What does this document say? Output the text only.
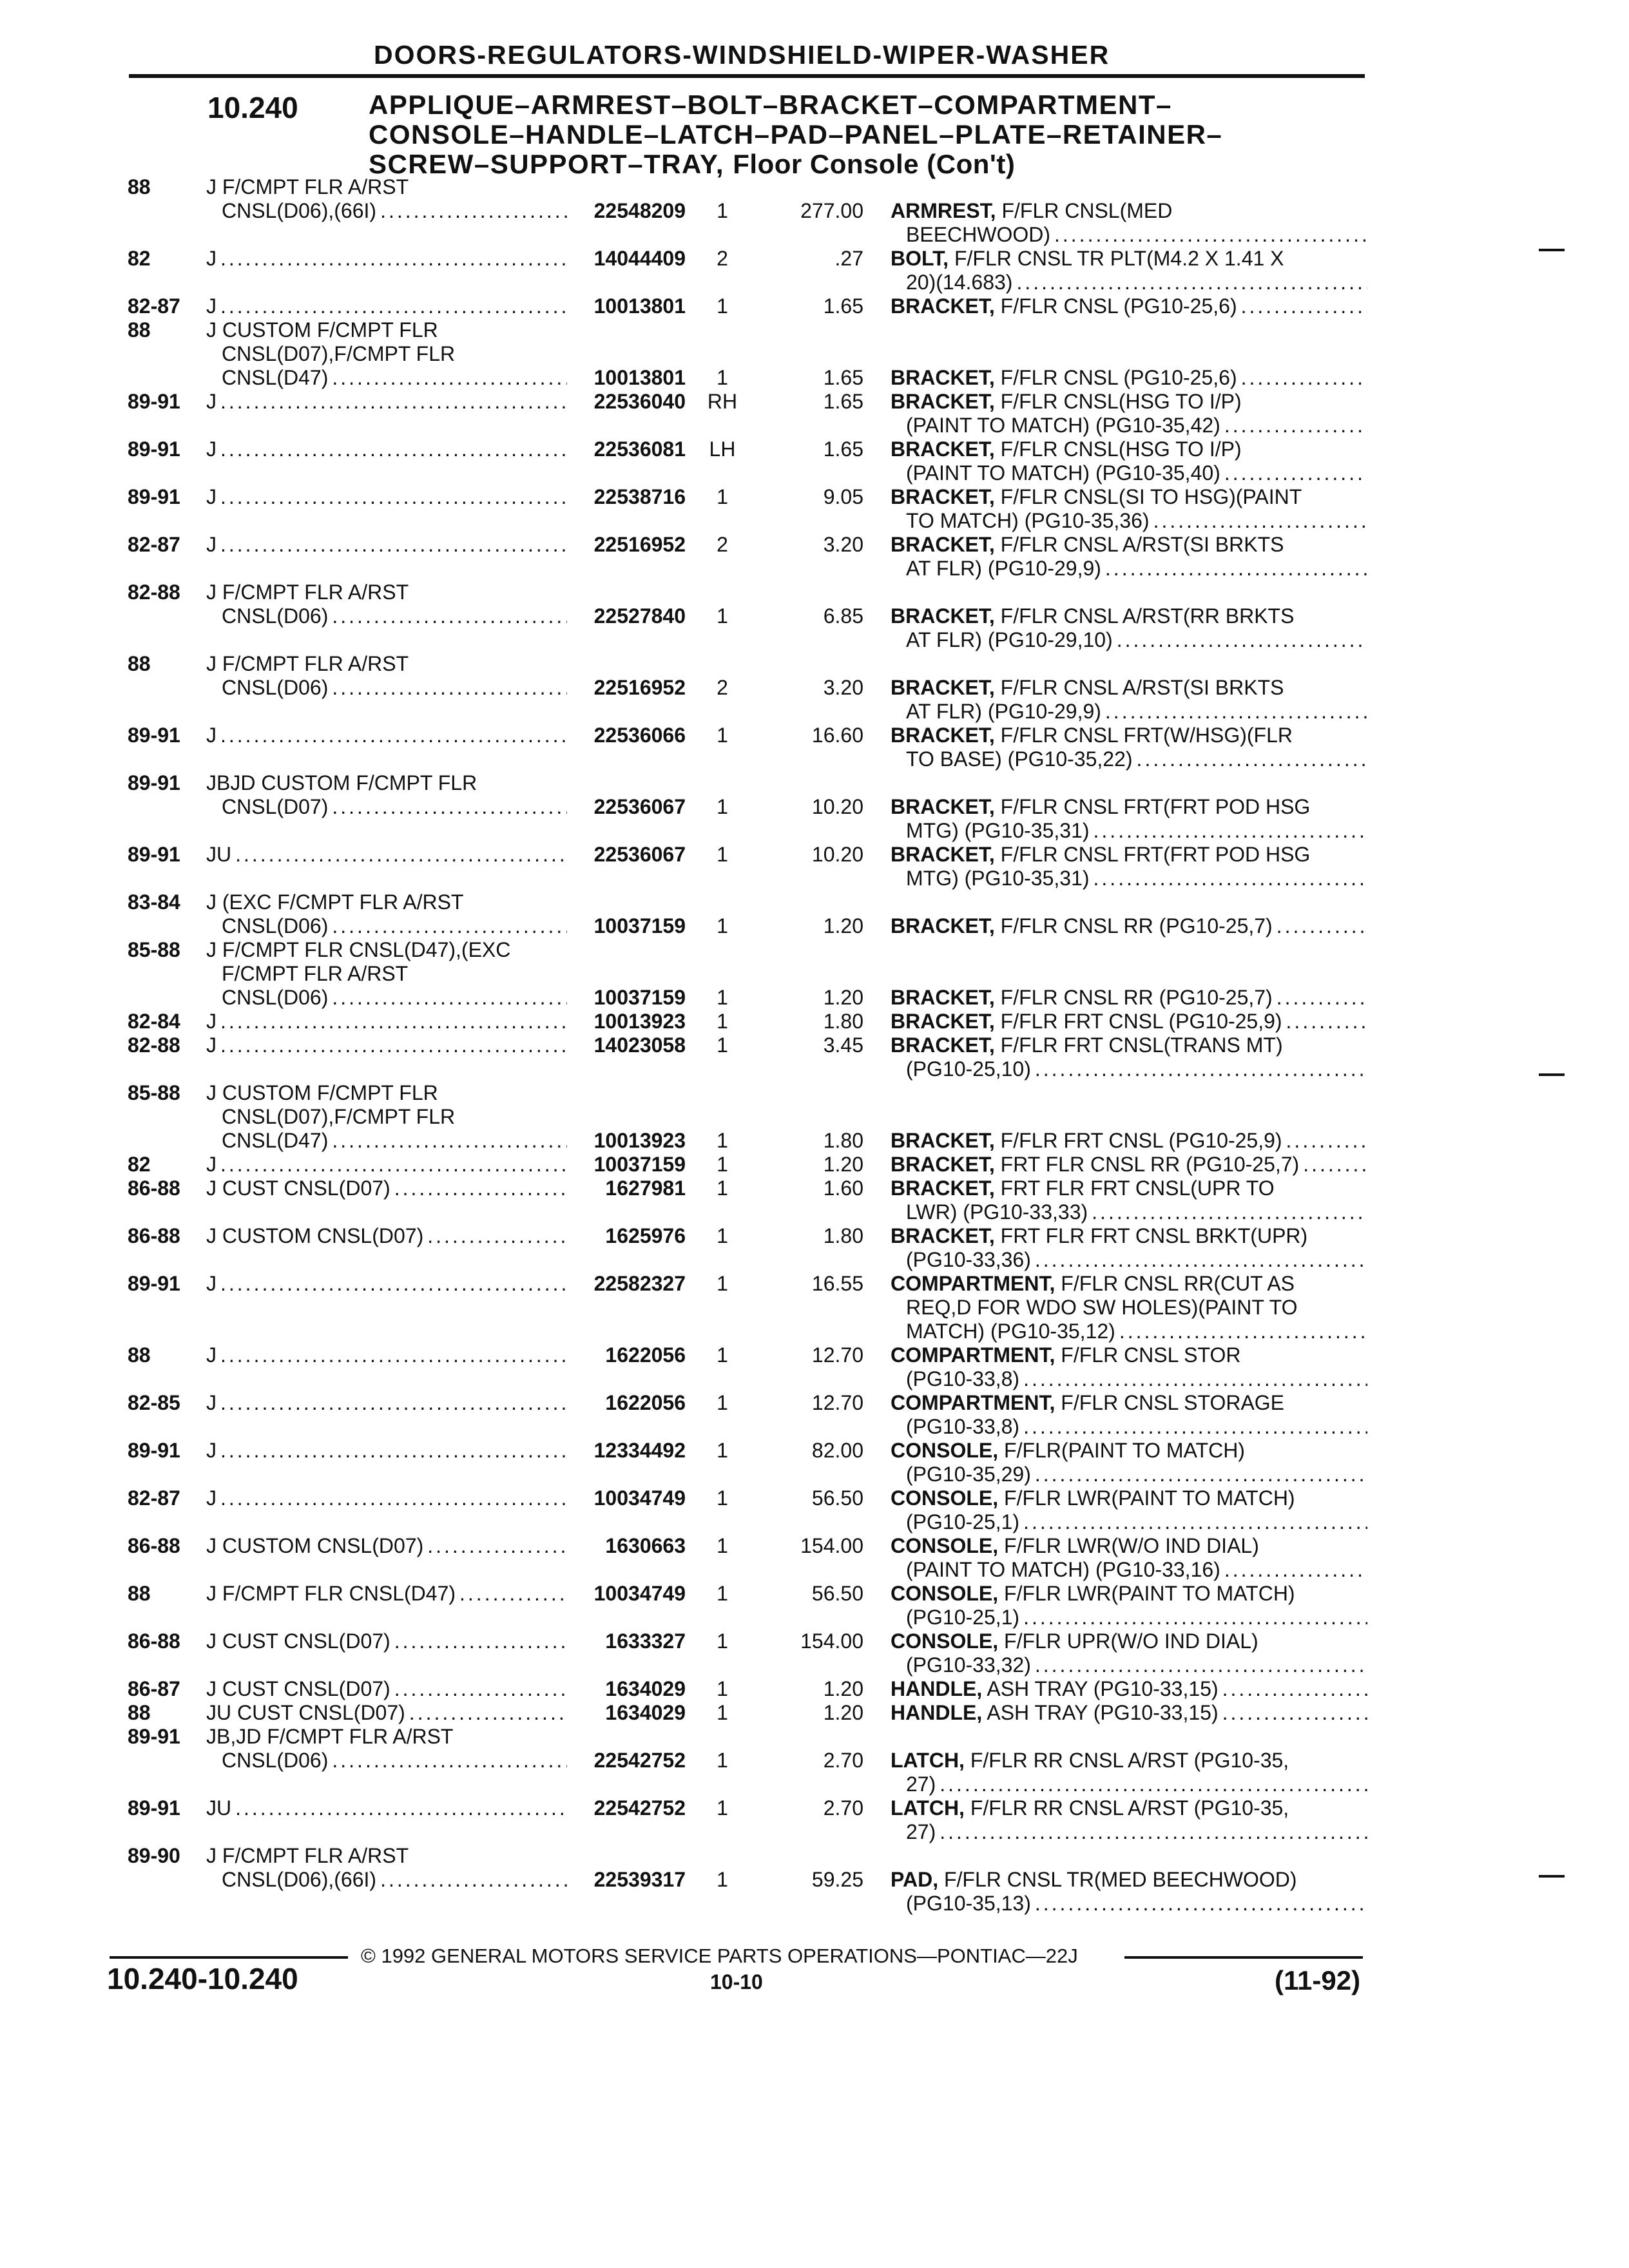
DOORS-REGULATORS-WINDSHIELD-WIPER-WASHER
10.240	APPLIQUE–ARMREST–BOLT–BRACKET–COMPARTMENT–
CONSOLE–HANDLE–LATCH–PAD–PANEL–PLATE–RETAINER–
SCREW–SUPPORT–TRAY, Floor Console (Con't)
88	J F/CMPT FLR A/RST
CNSL(D06),(66I) .....	22548209	1	277.00 ARMREST, F/FLR CNSL(MED
BEECHWOOD)
.....
82	J .....	14044409	2	.27 BOLT, F/FLR CNSL TR PLT(M4.2 X 1.41 X
20)(14.683)
.....
82-87 J .....	10013801	1	1.65 BRACKET, F/FLR CNSL (PG10-25,6)
.....
88	J CUSTOM F/CMPT FLR
CNSL(D07),F/CMPT FLR
CNSL(D47) .....	10013801	1	1.65 BRACKET, F/FLR CNSL (PG10-25,6)
.....
89-91 J .....	22536040	RH	1.65 BRACKET, F/FLR CNSL(HSG TO I/P)
(PAINT TO MATCH) (PG10-35,42)
.....
89-91 J .....	22536081	LH	1.65 BRACKET, F/FLR CNSL(HSG TO I/P)
(PAINT TO MATCH) (PG10-35,40)
.....
89-91 J .....	22538716	1	9.05 BRACKET, F/FLR CNSL(SI TO HSG)(PAINT
TO MATCH) (PG10-35,36)
.....
82-87 J .....	22516952	2	3.20 BRACKET, F/FLR CNSL A/RST(SI BRKTS
AT FLR) (PG10-29,9)
.....
82-88 J F/CMPT FLR A/RST
CNSL(D06) .....	22527840	1	6.85 BRACKET, F/FLR CNSL A/RST(RR BRKTS
AT FLR) (PG10-29,10)
.....
88	J F/CMPT FLR A/RST
CNSL(D06) .....	22516952	2	3.20 BRACKET, F/FLR CNSL A/RST(SI BRKTS
AT FLR) (PG10-29,9)
.....
89-91 J .....	22536066	1	16.60 BRACKET, F/FLR CNSL FRT(W/HSG)(FLR
TO BASE) (PG10-35,22)
.....
89-91 JBJD CUSTOM F/CMPT FLR
CNSL(D07) .....	22536067	1	10.20 BRACKET, F/FLR CNSL FRT(FRT POD HSG
MTG) (PG10-35,31)
.....
89-91 JU .....	22536067	1	10.20 BRACKET, F/FLR CNSL FRT(FRT POD HSG
MTG) (PG10-35,31)
.....
83-84 J (EXC F/CMPT FLR A/RST
CNSL(D06) .....	10037159	1	1.20 BRACKET, F/FLR CNSL RR (PG10-25,7)
.....
85-88 J F/CMPT FLR CNSL(D47),(EXC
F/CMPT FLR A/RST
CNSL(D06) .....	10037159	1	1.20 BRACKET, F/FLR CNSL RR (PG10-25,7)
.....
82-84 J .....	10013923	1	1.80 BRACKET, F/FLR FRT CNSL (PG10-25,9)
.....
82-88 J .....	14023058	1	3.45 BRACKET, F/FLR FRT CNSL(TRANS MT)
(PG10-25,10)
.....
85-88 J CUSTOM F/CMPT FLR
CNSL(D07),F/CMPT FLR
CNSL(D47) .....	10013923	1	1.80 BRACKET, F/FLR FRT CNSL (PG10-25,9)
.....
82	J .....	10037159	1	1.20 BRACKET, FRT FLR CNSL RR (PG10-25,7)
.....
86-88 J CUST CNSL(D07) .....	1627981	1	1.60 BRACKET, FRT FLR FRT CNSL(UPR TO
LWR) (PG10-33,33)
.....
86-88 J CUSTOM CNSL(D07) .....	1625976	1	1.80 BRACKET, FRT FLR FRT CNSL BRKT(UPR)
(PG10-33,36)
.....
89-91 J .....	22582327	1	16.55 COMPARTMENT, F/FLR CNSL RR(CUT AS
REQ,D FOR WDO SW HOLES)(PAINT TO
MATCH) (PG10-35,12)
.....
88	J .....	1622056	1	12.70 COMPARTMENT, F/FLR CNSL STOR
(PG10-33,8)
.....
82-85 J .....	1622056	1	12.70 COMPARTMENT, F/FLR CNSL STORAGE
(PG10-33,8)
.....
89-91 J .....	12334492	1	82.00 CONSOLE, F/FLR(PAINT TO MATCH)
(PG10-35,29)
.....
82-87 J .....	10034749	1	56.50 CONSOLE, F/FLR LWR(PAINT TO MATCH)
(PG10-25,1)
.....
86-88 J CUSTOM CNSL(D07) .....	1630663	1	154.00 CONSOLE, F/FLR LWR(W/O IND DIAL)
(PAINT TO MATCH) (PG10-33,16)
.....
88	J F/CMPT FLR CNSL(D47) .....	10034749	1	56.50 CONSOLE, F/FLR LWR(PAINT TO MATCH)
(PG10-25,1)
.....
86-88 J CUST CNSL(D07) .....	1633327	1	154.00 CONSOLE, F/FLR UPR(W/O IND DIAL)
(PG10-33,32)
.....
86-87 J CUST CNSL(D07) .....	1634029	1	1.20 HANDLE, ASH TRAY (PG10-33,15)
.....
88	JU CUST CNSL(D07) .....	1634029	1	1.20 HANDLE, ASH TRAY (PG10-33,15)
.....
89-91 JB,JD F/CMPT FLR A/RST
CNSL(D06) .....	22542752	1	2.70 LATCH, F/FLR RR CNSL A/RST (PG10-35,
27)
.....
89-91 JU .....	22542752	1	2.70 LATCH, F/FLR RR CNSL A/RST (PG10-35,
27)
.....
89-90 J F/CMPT FLR A/RST
CNSL(D06),(66I) .....	22539317	1	59.25 PAD, F/FLR CNSL TR(MED BEECHWOOD)
(PG10-35,13)
.....
© 1992 GENERAL MOTORS SERVICE PARTS OPERATIONS—PONTIAC—22J
10.240-10.240	10-10	(11-92)
